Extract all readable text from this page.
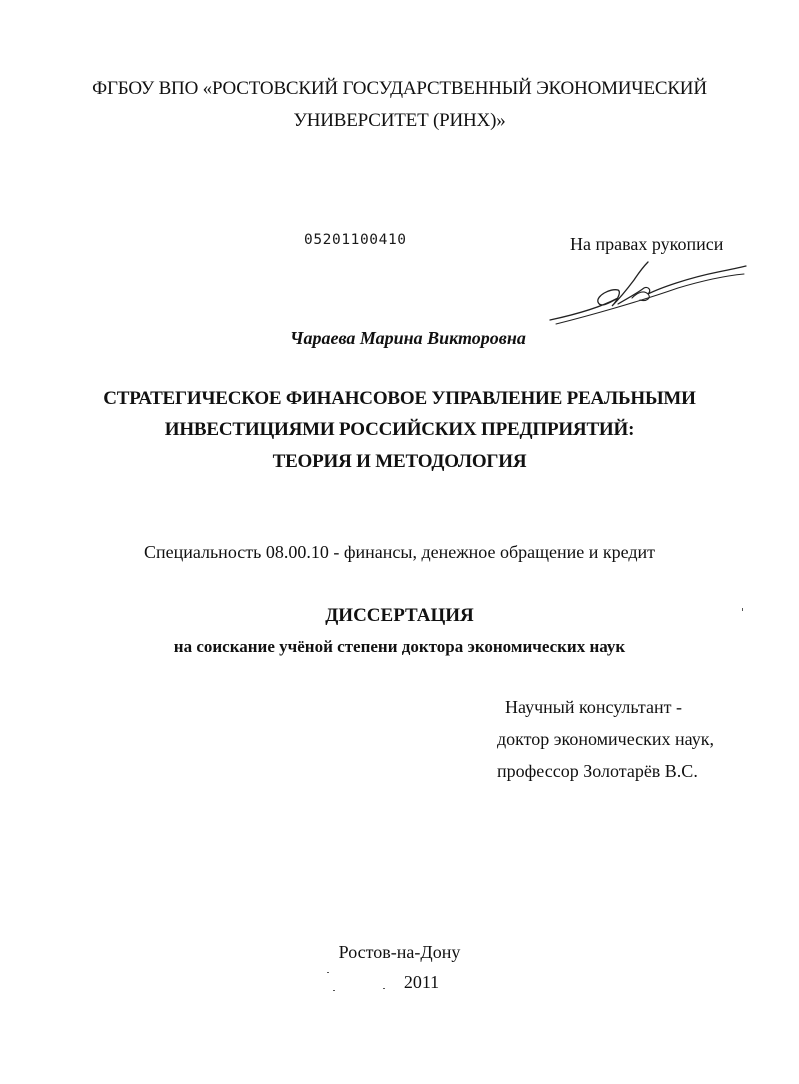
ФГБОУ ВПО «РОСТОВСКИЙ ГОСУДАРСТВЕННЫЙ ЭКОНОМИЧЕСКИЙ
УНИВЕРСИТЕТ (РИНХ)»
05201100410	На правах рукописи
Чараева Марина Викторовна
СТРАТЕГИЧЕСКОЕ ФИНАНСОВОЕ УПРАВЛЕНИЕ РЕАЛЬНЫМИ
ИНВЕСТИЦИЯМИ РОССИЙСКИХ ПРЕДПРИЯТИЙ:
ТЕОРИЯ И МЕТОДОЛОГИЯ
Специальность 08.00.10 - финансы, денежное обращение и кредит
ДИССЕРТАЦИЯ
на соискание учёной степени доктора экономических наук
Научный консультант -
доктор экономических наук,
профессор Золотарёв В.С.
Ростов-на-Дону
2011
